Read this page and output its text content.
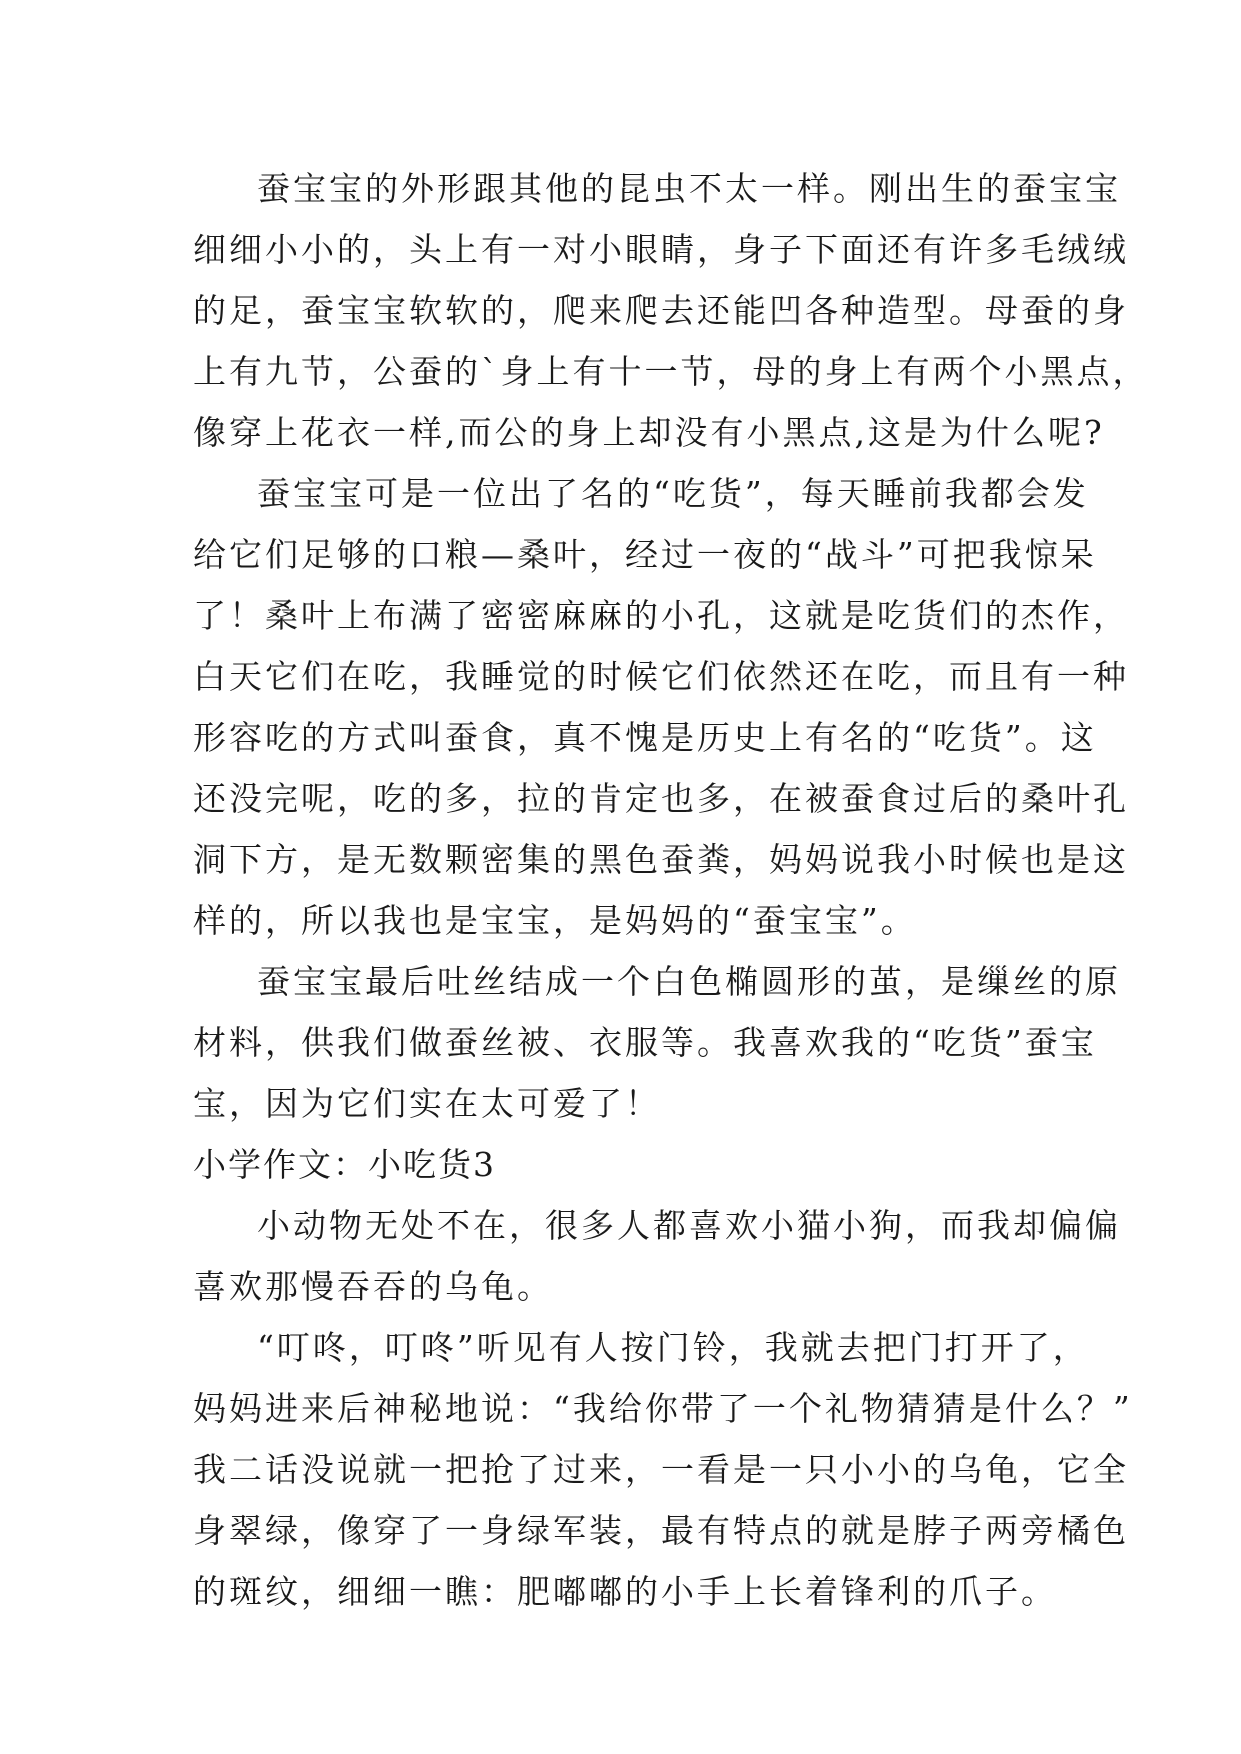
蚕宝宝的外形跟其他的昆虫不太一样。刚出生的蚕宝宝
细细小小的，头上有一对小眼睛，身子下面还有许多毛绒绒
的足，蚕宝宝软软的，爬来爬去还能凹各种造型。母蚕的身
上有九节，公蚕的`身上有十一节，母的身上有两个小黑点，
像穿上花衣一样,而公的身上却没有小黑点,这是为什么呢?
蚕宝宝可是一位出了名的“吃货”，每天睡前我都会发
给它们足够的口粮—桑叶，经过一夜的“战斗”可把我惊呆
了！桑叶上布满了密密麻麻的小孔，这就是吃货们的杰作，
白天它们在吃，我睡觉的时候它们依然还在吃，而且有一种
形容吃的方式叫蚕食，真不愧是历史上有名的“吃货”。这
还没完呢，吃的多，拉的肯定也多，在被蚕食过后的桑叶孔
洞下方，是无数颗密集的黑色蚕粪，妈妈说我小时候也是这
样的，所以我也是宝宝，是妈妈的“蚕宝宝”。
蚕宝宝最后吐丝结成一个白色椭圆形的茧，是缫丝的原
材料，供我们做蚕丝被、衣服等。我喜欢我的“吃货”蚕宝
宝，因为它们实在太可爱了！
小学作文：小吃货3
小动物无处不在，很多人都喜欢小猫小狗，而我却偏偏
喜欢那慢吞吞的乌龟。
“叮咚，叮咚”听见有人按门铃，我就去把门打开了，
妈妈进来后神秘地说：“我给你带了一个礼物猜猜是什么？”
我二话没说就一把抢了过来，一看是一只小小的乌龟，它全
身翠绿，像穿了一身绿军装，最有特点的就是脖子两旁橘色
的斑纹，细细一瞧：肥嘟嘟的小手上长着锋利的爪子。
